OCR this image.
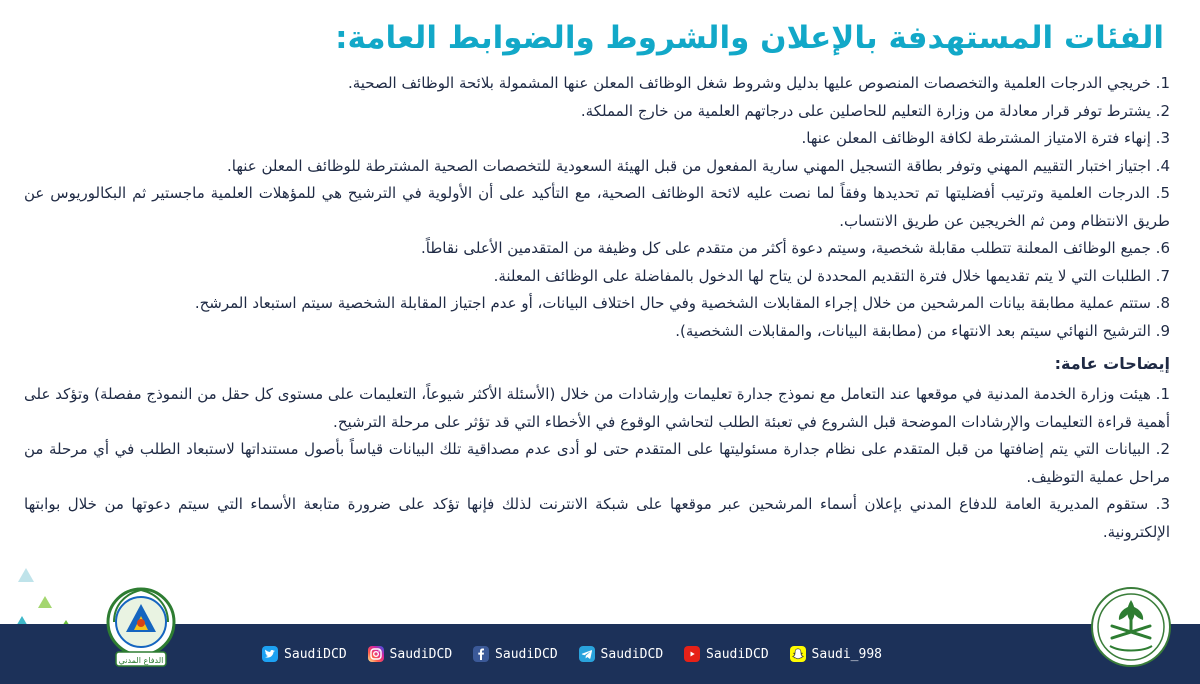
الفئات المستهدفة بالإعلان والشروط والضوابط العامة:
1. خريجي الدرجات العلمية والتخصصات المنصوص عليها بدليل وشروط شغل الوظائف المعلن عنها المشمولة بلائحة الوظائف الصحية.
2. يشترط توفر قرار معادلة من وزارة التعليم للحاصلين على درجاتهم العلمية من خارج المملكة.
3. إنهاء فترة الامتياز المشترطة لكافة الوظائف المعلن عنها.
4. اجتياز اختبار التقييم المهني وتوفر بطاقة التسجيل المهني سارية المفعول من قبل الهيئة السعودية للتخصصات الصحية المشترطة للوظائف المعلن عنها.
5. الدرجات العلمية وترتيب أفضليتها تم تحديدها وفقاً لما نصت عليه لائحة الوظائف الصحية، مع التأكيد على أن الأولوية في الترشيح هي للمؤهلات العلمية ماجستير ثم البكالوريوس عن طريق الانتظام ومن ثم الخريجين عن طريق الانتساب.
6. جميع الوظائف المعلنة تتطلب مقابلة شخصية، وسيتم دعوة أكثر من متقدم على كل وظيفة من المتقدمين الأعلى نقاطاً.
7. الطلبات التي لا يتم تقديمها خلال فترة التقديم المحددة لن يتاح لها الدخول بالمفاضلة على الوظائف المعلنة.
8. ستتم عملية مطابقة بيانات المرشحين من خلال إجراء المقابلات الشخصية وفي حال اختلاف البيانات، أو عدم اجتياز المقابلة الشخصية سيتم استبعاد المرشح.
9. الترشيح النهائي سيتم بعد الانتهاء من (مطابقة البيانات، والمقابلات الشخصية).
إيضاحات عامة:
1. هيئت وزارة الخدمة المدنية في موقعها عند التعامل مع نموذج جدارة تعليمات وإرشادات من خلال (الأسئلة الأكثر شيوعاً، التعليمات على مستوى كل حقل من النموذج مفصلة) وتؤكد على أهمية قراءة التعليمات والإرشادات الموضحة قبل الشروع في تعبئة الطلب لتحاشي الوقوع في الأخطاء التي قد تؤثر على مرحلة الترشيح.
2. البيانات التي يتم إضافتها من قبل المتقدم على نظام جدارة مسئوليتها على المتقدم حتى لو أدى عدم مصداقية تلك البيانات قياساً بأصول مستنداتها لاستبعاد الطلب في أي مرحلة من مراحل عملية التوظيف.
3. ستقوم المديرية العامة للدفاع المدني بإعلان أسماء المرشحين عبر موقعها على شبكة الانترنت لذلك فإنها تؤكد على ضرورة متابعة الأسماء التي سيتم دعوتها من خلال بوابتها الإلكترونية.
SaudiDCD	SaudiDCD	SaudiDCD	SaudiDCD	SaudiDCD	Saudi_998
الدفاع المدني
